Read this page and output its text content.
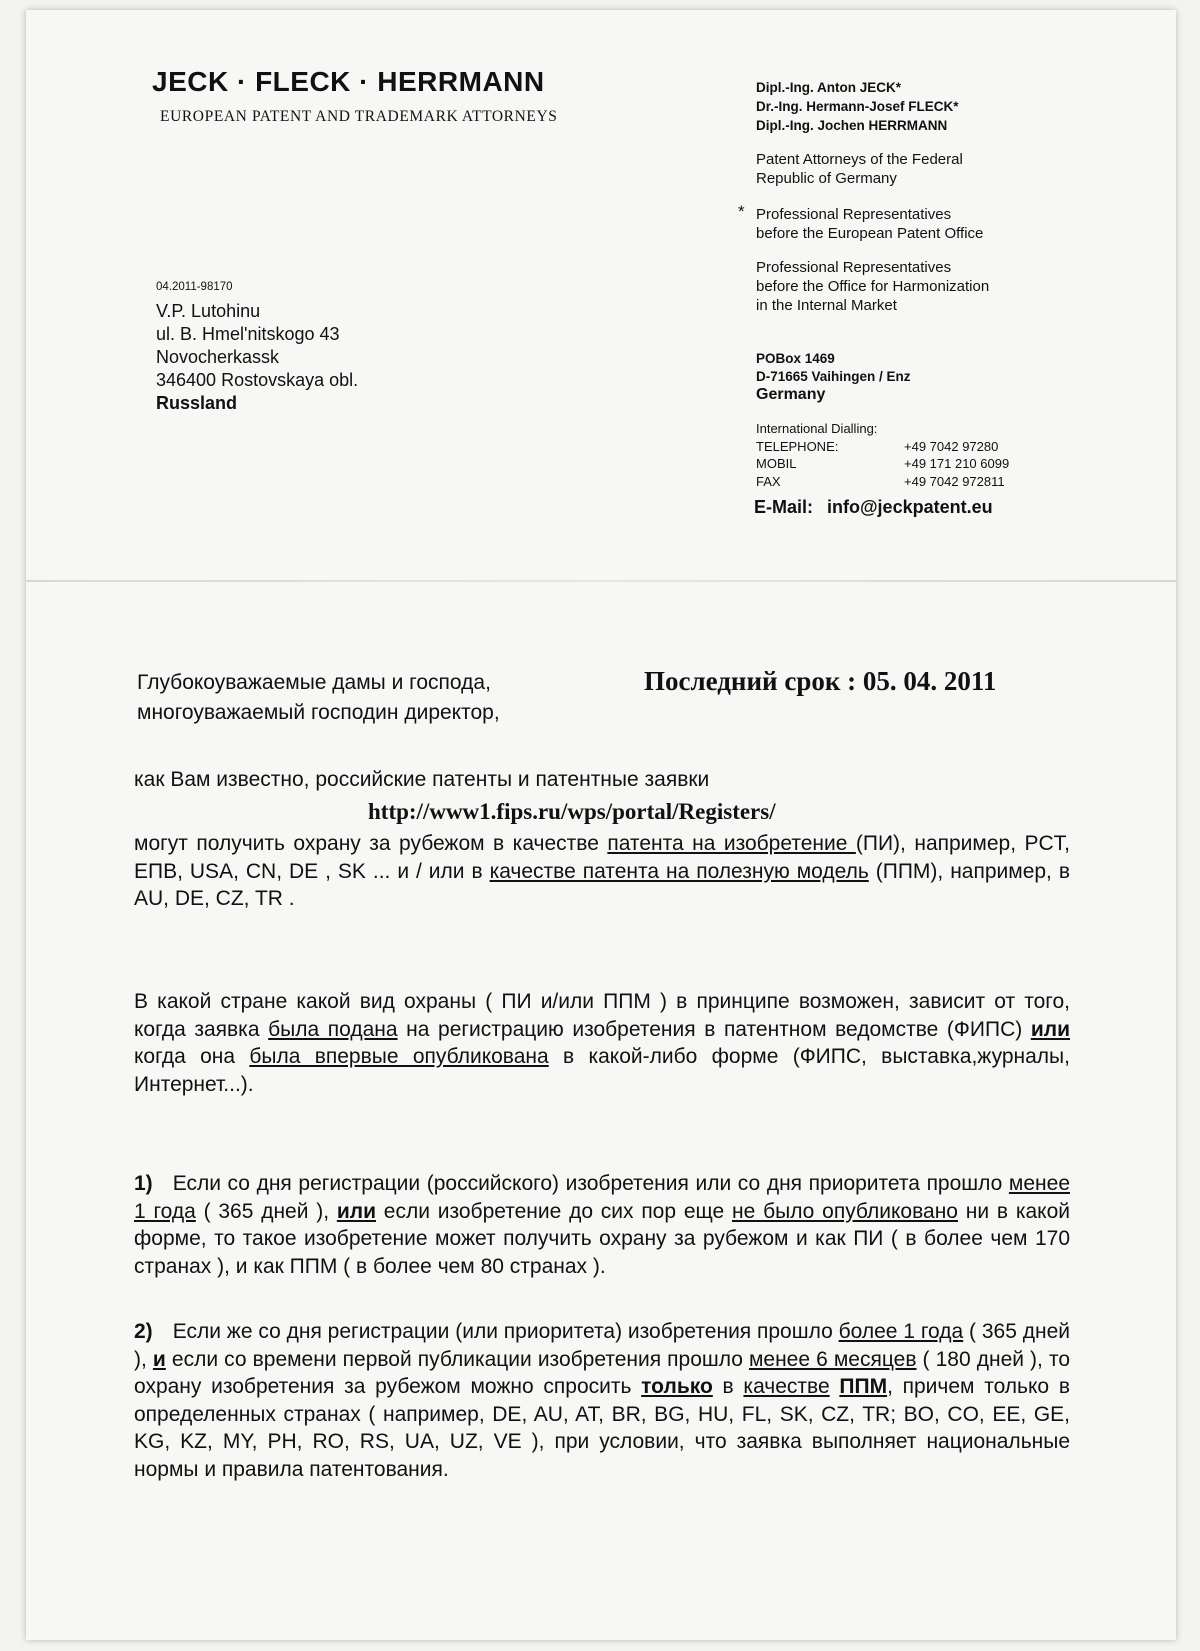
JECK · FLECK · HERRMANN
EUROPEAN PATENT AND TRADEMARK ATTORNEYS
Dipl.-Ing. Anton JECK*
Dr.-Ing. Hermann-Josef FLECK*
Dipl.-Ing. Jochen HERRMANN
Patent Attorneys of the Federal
Republic of Germany
* Professional Representatives
before the European Patent Office
Professional Representatives
before the Office for Harmonization
in the Internal Market
04.2011-98170
V.P. Lutohinu
ul. B. Hmel'nitskogo 43
Novocherkassk
346400 Rostovskaya obl.
Russland
POBox 1469
D-71665 Vaihingen / Enz
Germany
International Dialling:
TELEPHONE:	+49 7042 97280
MOBIL	+49 171 210 6099
FAX	+49 7042 972811
E-Mail: info@jeckpatent.eu
Глубокоуважаемые дамы и господа,
многоуважаемый господин директор,
Последний срок : 05. 04. 2011
как Вам известно, российские патенты и патентные заявки
http://www1.fips.ru/wps/portal/Registers/

могут получить охрану за рубежом в качестве патента на изобретение (ПИ), например, PCT, ЕПВ, USA, CN, DE , SK ... и / или в качестве патента на полезную модель (ППМ), например, в AU, DE, CZ, TR .

В какой стране какой вид охраны ( ПИ и/или ППМ ) в принципе возможен, зависит от того, когда заявка была подана на регистрацию изобретения в патентном ведомстве (ФИПС) или когда она была впервые опубликована в какой-либо форме (ФИПС, выставка,журналы, Интернет...).

1) Если со дня регистрации (российского) изобретения или со дня приоритета прошло менее 1 года ( 365 дней ), или если изобретение до сих пор еще не было опубликовано ни в какой форме, то такое изобретение может получить охрану за рубежом и как ПИ ( в более чем 170 странах ), и как ППМ ( в более чем 80 странах ).

2) Если же со дня регистрации (или приоритета) изобретения прошло более 1 года ( 365 дней ), и если со времени первой публикации изобретения прошло менее 6 месяцев ( 180 дней ), то охрану изобретения за рубежом можно спросить только в качестве ППМ, причем только в определенных странах ( например, DE, AU, AT, BR, BG, HU, FL, SK, CZ, TR; BO, CO, EE, GE, KG, KZ, MY, PH, RO, RS, UA, UZ, VE ), при условии, что заявка выполняет национальные нормы и правила патентования.
